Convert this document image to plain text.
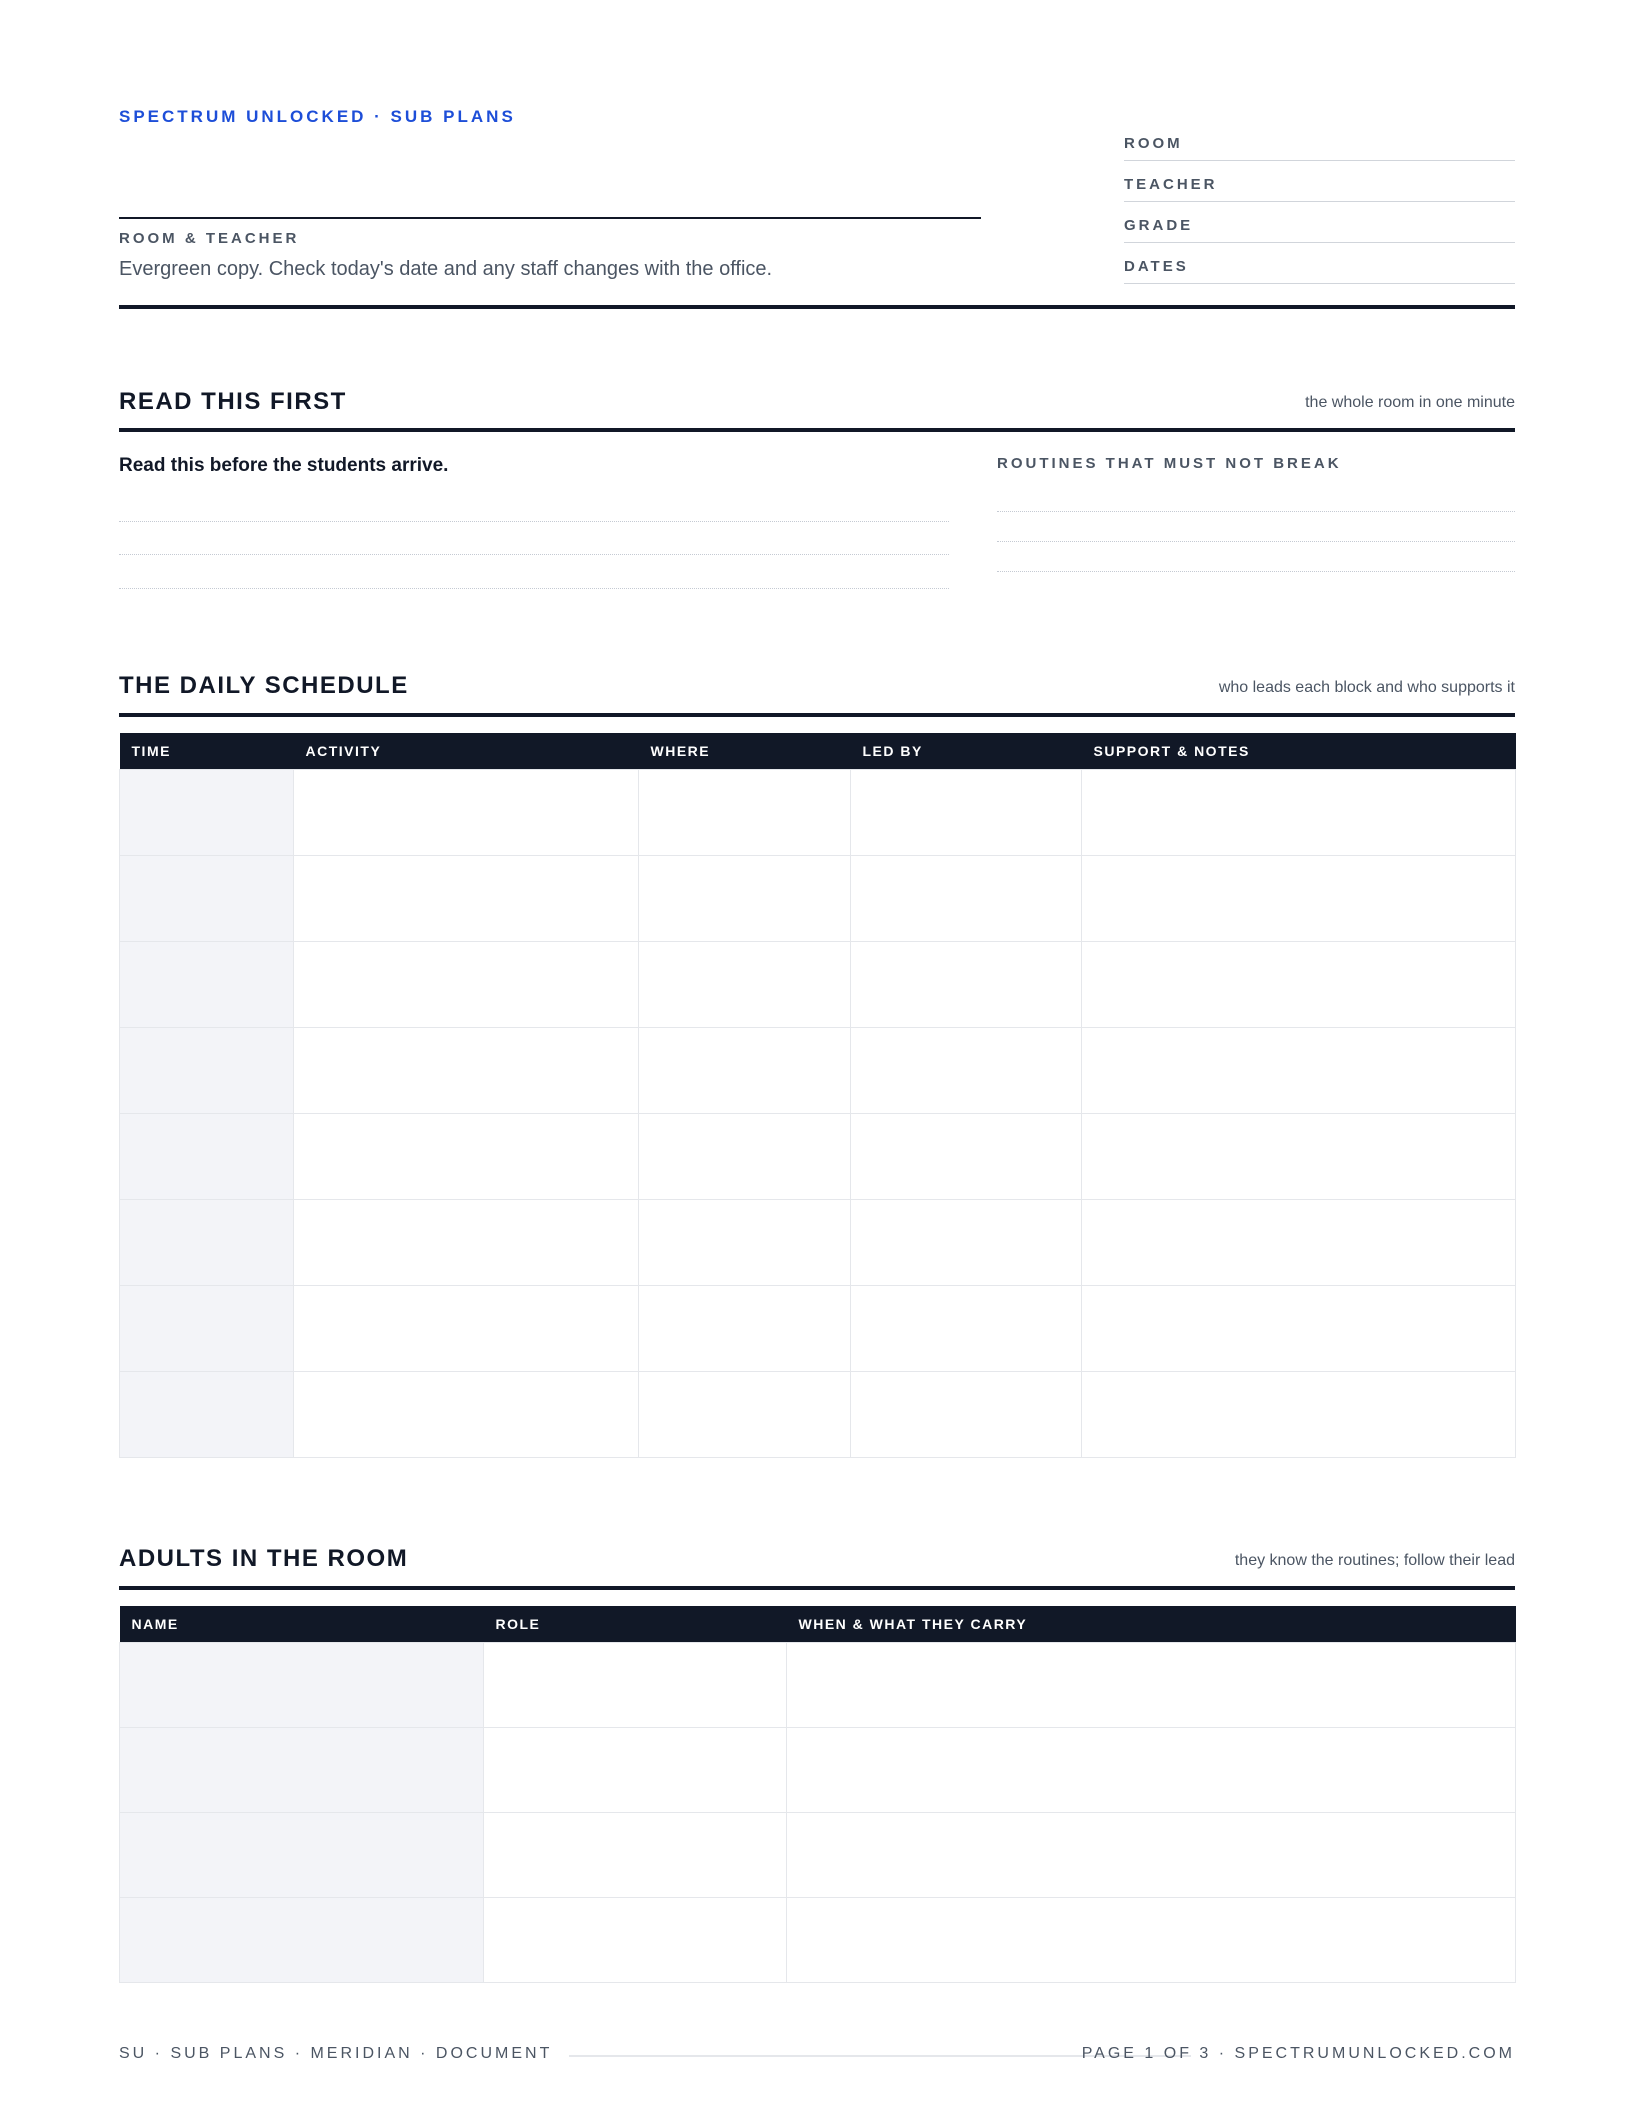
SPECTRUM UNLOCKED · SUB PLANS
ROOM & TEACHER
Evergreen copy. Check today's date and any staff changes with the office.
ROOM
TEACHER
GRADE
DATES
READ THIS FIRST	the whole room in one minute
Read this before the students arrive.	ROUTINES THAT MUST NOT BREAK
THE DAILY SCHEDULE	who leads each block and who supports it
TIME	ACTIVITY	WHERE	LED BY	SUPPORT & NOTES

ADULTS IN THE ROOM	they know the routines; follow their lead
NAME	ROLE	WHEN & WHAT THEY CARRY

SU · SUB PLANS · MERIDIAN · DOCUMENT	PAGE 1 OF 3 · SPECTRUMUNLOCKED.COM
